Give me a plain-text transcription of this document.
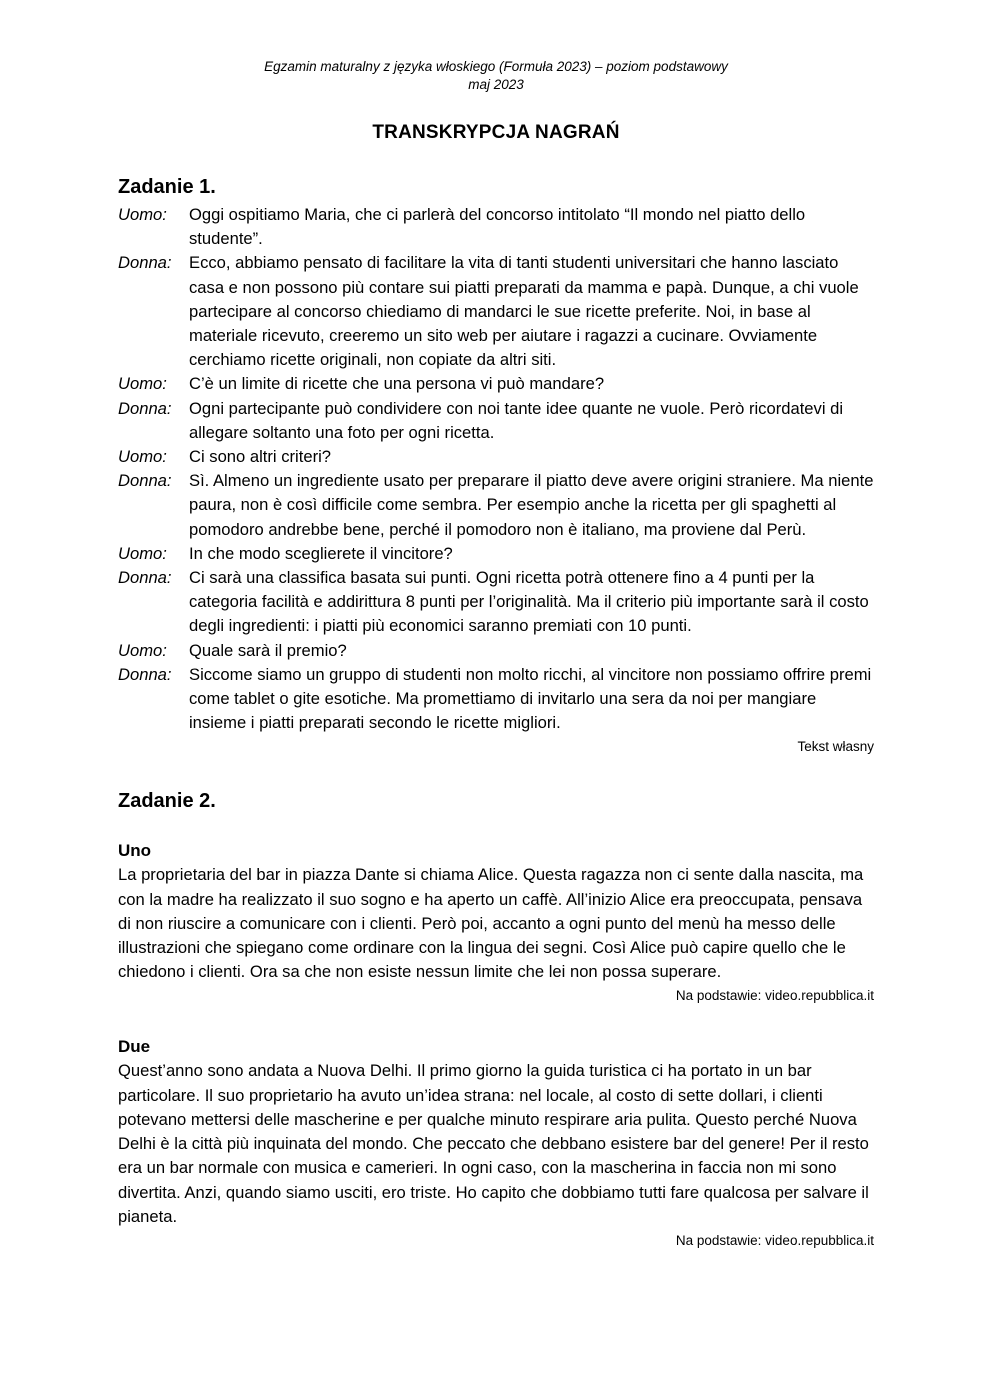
Egzamin maturalny z języka włoskiego (Formuła 2023) – poziom podstawowy

maj 2023

TRANSKRYPCJA NAGRAŃ
Zadanie 1.
Uomo:	Oggi ospitiamo Maria, che ci parlerà del concorso intitolato “Il mondo nel piatto dello studente”.
Donna:	Ecco, abbiamo pensato di facilitare la vita di tanti studenti universitari che hanno lasciato casa e non possono più contare sui piatti preparati da mamma e papà. Dunque, a chi vuole partecipare al concorso chiediamo di mandarci le sue ricette preferite. Noi, in base al materiale ricevuto, creeremo un sito web per aiutare i ragazzi a cucinare. Ovviamente cerchiamo ricette originali, non copiate da altri siti.
Uomo:	C’è un limite di ricette che una persona vi può mandare?
Donna:	Ogni partecipante può condividere con noi tante idee quante ne vuole. Però ricordatevi di allegare soltanto una foto per ogni ricetta.
Uomo:	Ci sono altri criteri?
Donna:	Sì. Almeno un ingrediente usato per preparare il piatto deve avere origini straniere. Ma niente paura, non è così difficile come sembra. Per esempio anche la ricetta per gli spaghetti al pomodoro andrebbe bene, perché il pomodoro non è italiano, ma proviene dal Perù.
Uomo:	In che modo sceglierete il vincitore?
Donna:	Ci sarà una classifica basata sui punti. Ogni ricetta potrà ottenere fino a 4 punti per la categoria facilità e addirittura 8 punti per l’originalità. Ma il criterio più importante sarà il costo degli ingredienti: i piatti più economici saranno premiati con 10 punti.
Uomo:	Quale sarà il premio?
Donna:	Siccome siamo un gruppo di studenti non molto ricchi, al vincitore non possiamo offrire premi come tablet o gite esotiche. Ma promettiamo di invitarlo una sera da noi per mangiare insieme i piatti preparati secondo le ricette migliori.

Tekst własny

Zadanie 2.
Uno

La proprietaria del bar in piazza Dante si chiama Alice. Questa ragazza non ci sente dalla nascita, ma con la madre ha realizzato il suo sogno e ha aperto un caffè. All’inizio Alice era preoccupata, pensava di non riuscire a comunicare con i clienti. Però poi, accanto a ogni punto del menù ha messo delle illustrazioni che spiegano come ordinare con la lingua dei segni. Così Alice può capire quello che le chiedono i clienti. Ora sa che non esiste nessun limite che lei non possa superare.

Na podstawie: video.repubblica.it

Due

Quest’anno sono andata a Nuova Delhi. Il primo giorno la guida turistica ci ha portato in un bar particolare. Il suo proprietario ha avuto un’idea strana: nel locale, al costo di sette dollari, i clienti potevano mettersi delle mascherine e per qualche minuto respirare aria pulita. Questo perché Nuova Delhi è la città più inquinata del mondo. Che peccato che debbano esistere bar del genere! Per il resto era un bar normale con musica e camerieri. In ogni caso, con la mascherina in faccia non mi sono divertita. Anzi, quando siamo usciti, ero triste. Ho capito che dobbiamo tutti fare qualcosa per salvare il pianeta.

Na podstawie: video.repubblica.it
